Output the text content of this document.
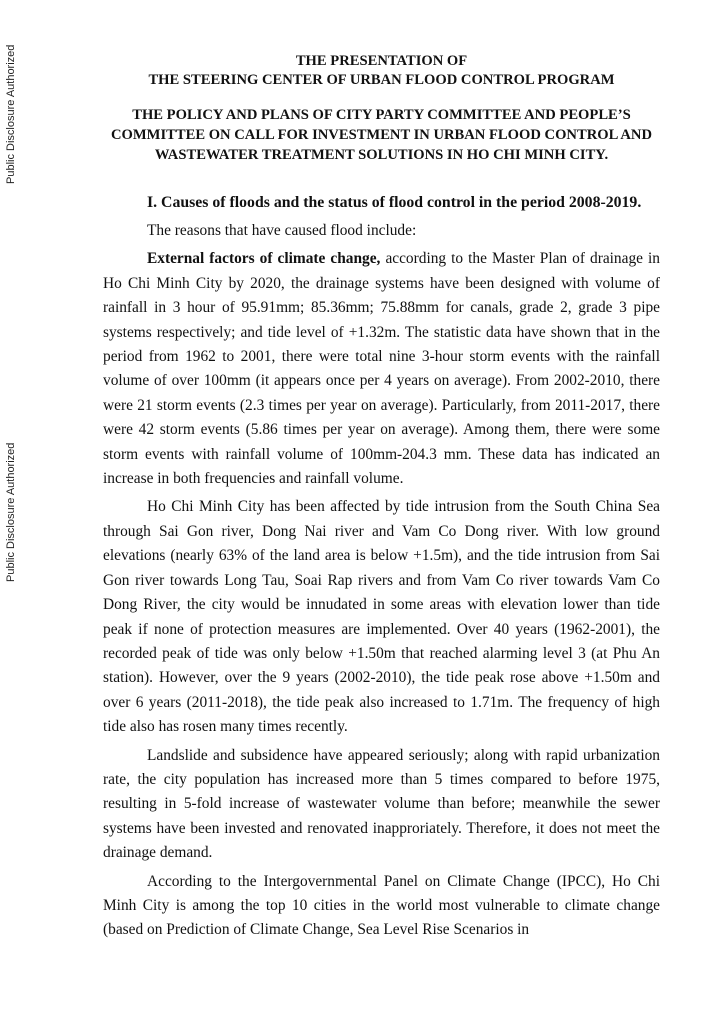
Public Disclosure Authorized
Public Disclosure Authorized

THE PRESENTATION OF

THE STEERING CENTER OF URBAN FLOOD CONTROL PROGRAM

THE POLICY AND PLANS OF CITY PARTY COMMITTEE AND PEOPLE’S COMMITTEE ON CALL FOR INVESTMENT IN URBAN FLOOD CONTROL AND WASTEWATER TREATMENT SOLUTIONS IN HO CHI MINH CITY.

I. Causes of floods and the status of flood control in the period 2008-2019.

The reasons that have caused flood include:

External factors of climate change, according to the Master Plan of drainage in Ho Chi Minh City by 2020, the drainage systems have been designed with volume of rainfall in 3 hour of 95.91mm; 85.36mm; 75.88mm for canals, grade 2, grade 3 pipe systems respectively; and tide level of +1.32m. The statistic data have shown that in the period from 1962 to 2001, there were total nine 3-hour storm events with the rainfall volume of over 100mm (it appears once per 4 years on average). From 2002-2010, there were 21 storm events (2.3 times per year on average). Particularly, from 2011-2017, there were 42 storm events (5.86 times per year on average). Among them, there were some storm events with rainfall volume of 100mm-204.3 mm. These data has indicated an increase in both frequencies and rainfall volume.

Ho Chi Minh City has been affected by tide intrusion from the South China Sea through Sai Gon river, Dong Nai river and Vam Co Dong river. With low ground elevations (nearly 63% of the land area is below +1.5m), and the tide intrusion from Sai Gon river towards Long Tau, Soai Rap rivers and from Vam Co river towards Vam Co Dong River, the city would be innudated in some areas with elevation lower than tide peak if none of protection measures are implemented. Over 40 years (1962-2001), the recorded peak of tide was only below +1.50m that reached alarming level 3 (at Phu An station). However, over the 9 years (2002-2010), the tide peak rose above +1.50m and over 6 years (2011-2018), the tide peak also increased to 1.71m. The frequency of high tide also has rosen many times recently.

Landslide and subsidence have appeared seriously; along with rapid urbanization rate, the city population has increased more than 5 times compared to before 1975, resulting in 5-fold increase of wastewater volume than before; meanwhile the sewer systems have been invested and renovated inapproriately. Therefore, it does not meet the drainage demand.

According to the Intergovernmental Panel on Climate Change (IPCC), Ho Chi Minh City is among the top 10 cities in the world most vulnerable to climate change (based on Prediction of Climate Change, Sea Level Rise Scenarios in
